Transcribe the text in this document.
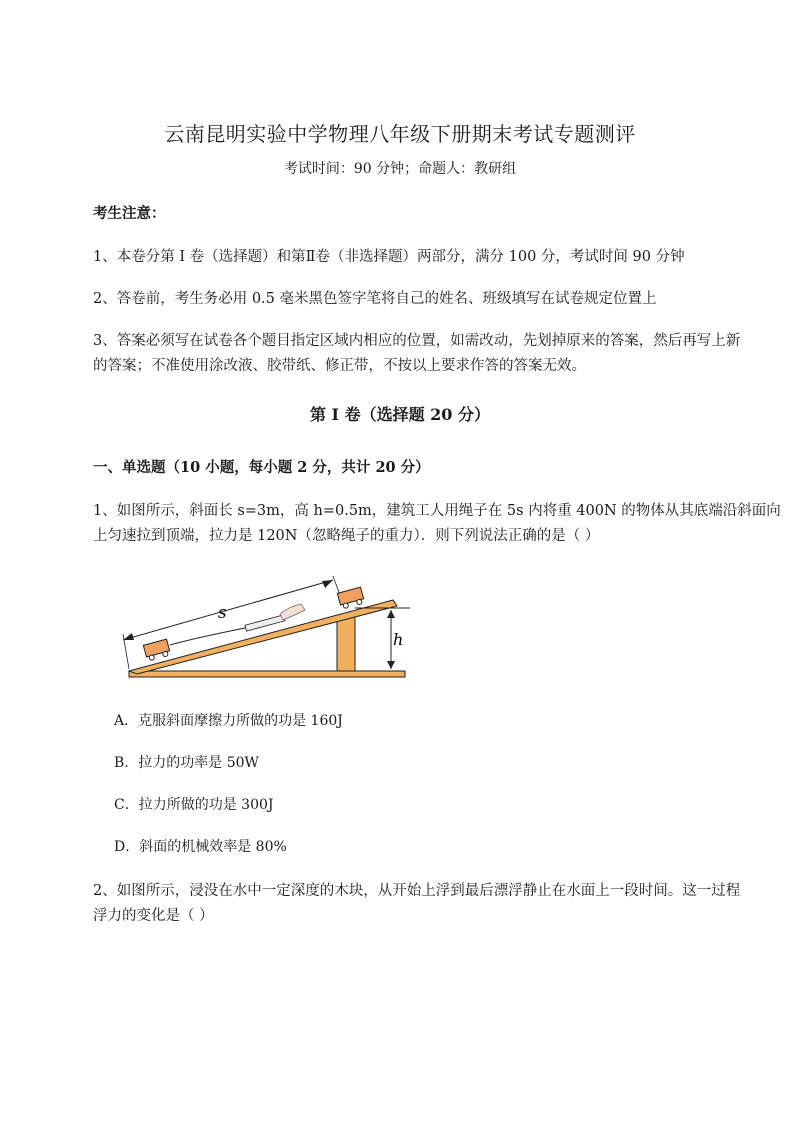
云南昆明实验中学物理八年级下册期末考试专题测评
考试时间：90 分钟；命题人：教研组
考生注意：
1、本卷分第 I 卷（选择题）和第Ⅱ卷（非选择题）两部分，满分 100 分，考试时间 90 分钟
2、答卷前，考生务必用 0.5 毫米黑色签字笔将自己的姓名、班级填写在试卷规定位置上
3、答案必须写在试卷各个题目指定区域内相应的位置，如需改动，先划掉原来的答案，然后再写上新
的答案；不准使用涂改液、胶带纸、修正带，不按以上要求作答的答案无效。
第 I 卷（选择题 20 分）
一、单选题（10 小题，每小题 2 分，共计 20 分）
1、如图所示，斜面长 s=3m，高 h=0.5m，建筑工人用绳子在 5s 内将重 400N 的物体从其底端沿斜面向
上匀速拉到顶端，拉力是 120N（忽略绳子的重力）．则下列说法正确的是（ ）
h
s
A．克服斜面摩擦力所做的功是 160J
B．拉力的功率是 50W
C．拉力所做的功是 300J
D．斜面的机械效率是 80%
2、如图所示，浸没在水中一定深度的木块，从开始上浮到最后漂浮静止在水面上一段时间。这一过程
浮力的变化是（ ）
